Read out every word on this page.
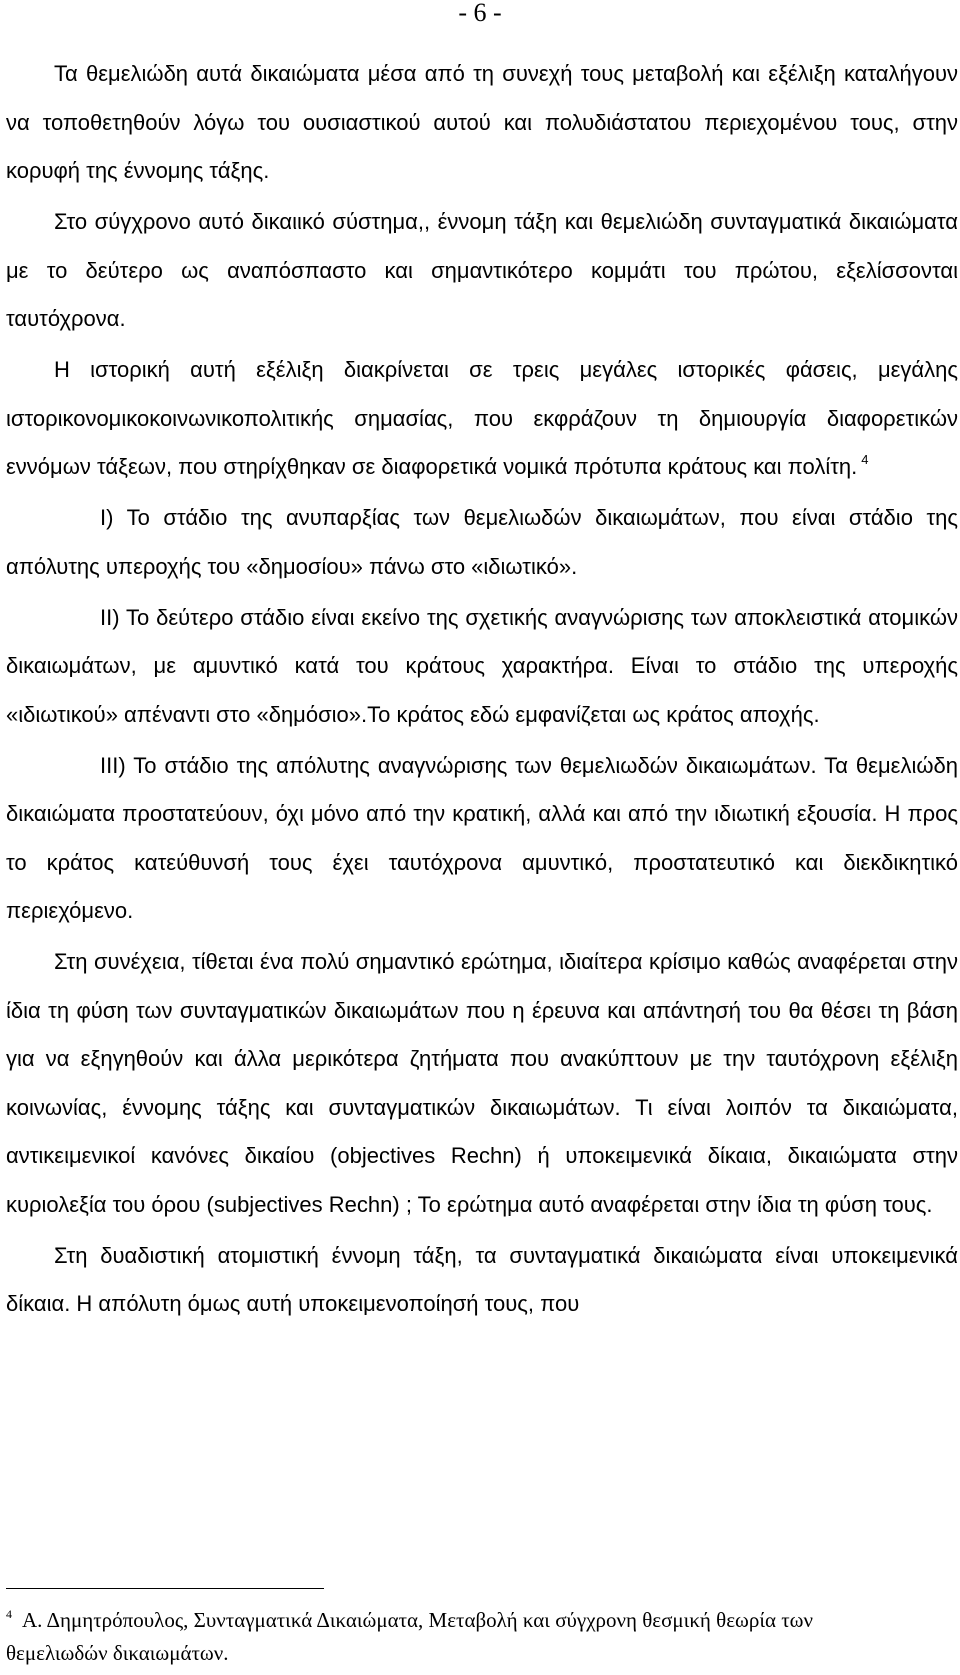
- 6 -

Τα θεμελιώδη αυτά δικαιώματα μέσα από τη συνεχή τους μεταβολή και εξέλιξη καταλήγουν να τοποθετηθούν λόγω του ουσιαστικού αυτού και πολυδιάστατου περιεχομένου τους, στην κορυφή της έννομης τάξης.

Στο σύγχρονο αυτό δικαιικό σύστημα,, έννομη τάξη και θεμελιώδη συνταγματικά δικαιώματα με το δεύτερο ως αναπόσπαστο και σημαντικότερο κομμάτι του πρώτου, εξελίσσονται ταυτόχρονα.

Η ιστορική αυτή εξέλιξη διακρίνεται σε τρεις μεγάλες ιστορικές φάσεις, μεγάλης ιστορικονομικοκοινωνικοπολιτικής σημασίας, που εκφράζουν τη δημιουργία διαφορετικών εννόμων τάξεων, που στηρίχθηκαν σε διαφορετικά νομικά πρότυπα κράτους και πολίτη. $^4$

Ι) Το στάδιο της ανυπαρξίας των θεμελιωδών δικαιωμάτων, που είναι στάδιο της απόλυτης υπεροχής του «δημοσίου» πάνω στο «ιδιωτικό».

ΙΙ) Το δεύτερο στάδιο είναι εκείνο της σχετικής αναγνώρισης των αποκλειστικά ατομικών δικαιωμάτων, με αμυντικό κατά του κράτους χαρακτήρα. Είναι το στάδιο της υπεροχής «ιδιωτικού» απέναντι στο «δημόσιο».Το κράτος εδώ εμφανίζεται ως κράτος αποχής.

ΙΙΙ) Το στάδιο της απόλυτης αναγνώρισης των θεμελιωδών δικαιωμάτων. Τα θεμελιώδη δικαιώματα προστατεύουν, όχι μόνο από την κρατική, αλλά και από την ιδιωτική εξουσία. Η προς το κράτος κατεύθυνσή τους έχει ταυτόχρονα αμυντικό, προστατευτικό και διεκδικητικό περιεχόμενο.

Στη συνέχεια, τίθεται ένα πολύ σημαντικό ερώτημα, ιδιαίτερα κρίσιμο καθώς αναφέρεται στην ίδια τη φύση των συνταγματικών δικαιωμάτων που η έρευνα και απάντησή του θα θέσει τη βάση για να εξηγηθούν και άλλα μερικότερα ζητήματα που ανακύπτουν με την ταυτόχρονη εξέλιξη κοινωνίας, έννομης τάξης και συνταγματικών δικαιωμάτων. Τι είναι λοιπόν τα δικαιώματα, αντικειμενικοί κανόνες δικαίου (objectives Rechn) ή υποκειμενικά δίκαια, δικαιώματα στην κυριολεξία του όρου (subjectives Rechn) ; Το ερώτημα αυτό αναφέρεται στην ίδια τη φύση τους.

Στη δυαδιστική ατομιστική έννομη τάξη, τα συνταγματικά δικαιώματα είναι υποκειμενικά δίκαια. Η απόλυτη όμως αυτή υποκειμενοποίησή τους, που

$^4$ Α. Δημητρόπουλος, Συνταγματικά Δικαιώματα, Μεταβολή και σύγχρονη θεσμική θεωρία των θεμελιωδών δικαιωμάτων.
